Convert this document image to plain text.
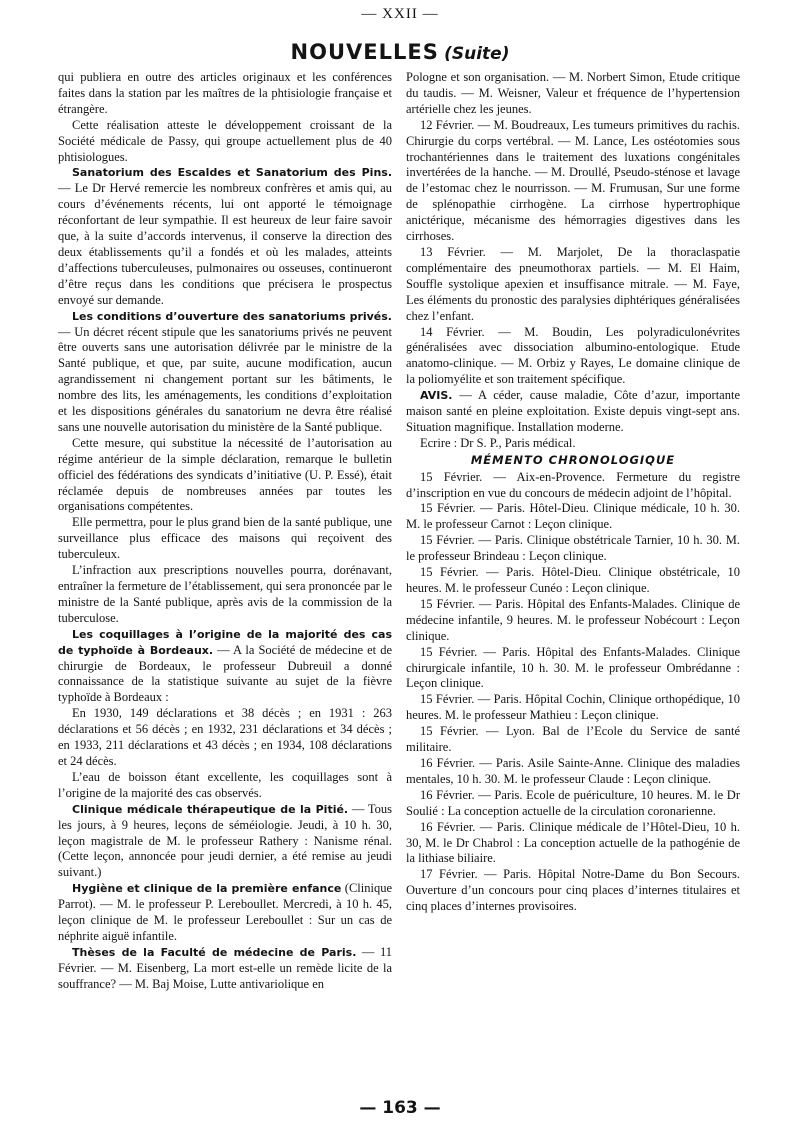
— XXII —
NOUVELLES (Suite)

qui publiera en outre des articles originaux et les conférences faites dans la station par les maîtres de la phtisiologie française et étrangère.

Cette réalisation atteste le développement croissant de la Société médicale de Passy, qui groupe actuellement plus de 40 phtisiologues.

Sanatorium des Escaldes et Sanatorium des Pins. — Le Dr Hervé remercie les nombreux confrères et amis qui, au cours d’événements récents, lui ont apporté le témoignage réconfortant de leur sympathie. Il est heureux de leur faire savoir que, à la suite d’accords intervenus, il conserve la direction des deux établissements qu’il a fondés et où les malades, atteints d’affections tuberculeuses, pulmonaires ou osseuses, continueront d’être reçus dans les conditions que précisera le prospectus envoyé sur demande.

Les conditions d’ouverture des sanatoriums privés. — Un décret récent stipule que les sanatoriums privés ne peuvent être ouverts sans une autorisation délivrée par le ministre de la Santé publique, et que, par suite, aucune modification, aucun agrandissement ni changement portant sur les bâtiments, le nombre des lits, les aménagements, les conditions d’exploitation et les dispositions générales du sanatorium ne devra être réalisé sans une nouvelle autorisation du ministère de la Santé publique.

Cette mesure, qui substitue la nécessité de l’autorisation au régime antérieur de la simple déclaration, remarque le bulletin officiel des fédérations des syndicats d’initiative (U. P. Essé), était réclamée depuis de nombreuses années par toutes les organisations compétentes.

Elle permettra, pour le plus grand bien de la santé publique, une surveillance plus efficace des maisons qui reçoivent des tuberculeux.

L’infraction aux prescriptions nouvelles pourra, dorénavant, entraîner la fermeture de l’établissement, qui sera prononcée par le ministre de la Santé publique, après avis de la commission de la tuberculose.

Les coquillages à l’origine de la majorité des cas de typhoïde à Bordeaux. — A la Société de médecine et de chirurgie de Bordeaux, le professeur Dubreuil a donné connaissance de la statistique suivante au sujet de la fièvre typhoïde à Bordeaux :

En 1930, 149 déclarations et 38 décès ; en 1931 : 263 déclarations et 56 décès ; en 1932, 231 déclarations et 34 décès ; en 1933, 211 déclarations et 43 décès ; en 1934, 108 déclarations et 24 décès.

L’eau de boisson étant excellente, les coquillages sont à l’origine de la majorité des cas observés.

Clinique médicale thérapeutique de la Pitié. — Tous les jours, à 9 heures, leçons de séméiologie. Jeudi, à 10 h. 30, leçon magistrale de M. le professeur Rathery : Nanisme rénal. (Cette leçon, annoncée pour jeudi dernier, a été remise au jeudi suivant.)

Hygiène et clinique de la première enfance (Clinique Parrot). — M. le professeur P. Lereboullet. Mercredi, à 10 h. 45, leçon clinique de M. le professeur Lereboullet : Sur un cas de néphrite aiguë infantile.

Thèses de la Faculté de médecine de Paris. — 11 Février. — M. Eisenberg, La mort est-elle un remède licite de la souffrance? — M. Baj Moise, Lutte antivariolique en

Pologne et son organisation. — M. Norbert Simon, Etude critique du taudis. — M. Weisner, Valeur et fréquence de l’hypertension artérielle chez les jeunes.

12 Février. — M. Boudreaux, Les tumeurs primitives du rachis. Chirurgie du corps vertébral. — M. Lance, Les ostéotomies sous trochantériennes dans le traitement des luxations congénitales invertérées de la hanche. — M. Droullé, Pseudo-sténose et lavage de l’estomac chez le nourrisson. — M. Frumusan, Sur une forme de splénopathie cirrhogène. La cirrhose hypertrophique anictérique, mécanisme des hémorragies digestives dans les cirrhoses.

13 Février. — M. Marjolet, De la thoraclaspatie complémentaire des pneumothorax partiels. — M. El Haim, Souffle systolique apexien et insuffisance mitrale. — M. Faye, Les éléments du pronostic des paralysies diphtériques généralisées chez l’enfant.

14 Février. — M. Boudin, Les polyradiculonévrites généralisées avec dissociation albumino-entologique. Etude anatomo-clinique. — M. Orbiz y Rayes, Le domaine clinique de la poliomyélite et son traitement spécifique.

AVIS. — A céder, cause maladie, Côte d’azur, importante maison santé en pleine exploitation. Existe depuis vingt-sept ans. Situation magnifique. Installation moderne.

Ecrire : Dr S. P., Paris médical.

MÉMENTO CHRONOLOGIQUE

15 Février. — Aix-en-Provence. Fermeture du registre d’inscription en vue du concours de médecin adjoint de l’hôpital.

15 Février. — Paris. Hôtel-Dieu. Clinique médicale, 10 h. 30. M. le professeur Carnot : Leçon clinique.

15 Février. — Paris. Clinique obstétricale Tarnier, 10 h. 30. M. le professeur Brindeau : Leçon clinique.

15 Février. — Paris. Hôtel-Dieu. Clinique obstétricale, 10 heures. M. le professeur Cunéo : Leçon clinique.

15 Février. — Paris. Hôpital des Enfants-Malades. Clinique de médecine infantile, 9 heures. M. le professeur Nobécourt : Leçon clinique.

15 Février. — Paris. Hôpital des Enfants-Malades. Clinique chirurgicale infantile, 10 h. 30. M. le professeur Ombrédanne : Leçon clinique.

15 Février. — Paris. Hôpital Cochin, Clinique orthopédique, 10 heures. M. le professeur Mathieu : Leçon clinique.

15 Février. — Lyon. Bal de l’Ecole du Service de santé militaire.

16 Février. — Paris. Asile Sainte-Anne. Clinique des maladies mentales, 10 h. 30. M. le professeur Claude : Leçon clinique.

16 Février. — Paris. Ecole de puériculture, 10 heures. M. le Dr Soulié : La conception actuelle de la circulation coronarienne.

16 Février. — Paris. Clinique médicale de l’Hôtel-Dieu, 10 h. 30, M. le Dr Chabrol : La conception actuelle de la pathogénie de la lithiase biliaire.

17 Février. — Paris. Hôpital Notre-Dame du Bon Secours. Ouverture d’un concours pour cinq places d’internes titulaires et cinq places d’internes provisoires.

— 163 —
